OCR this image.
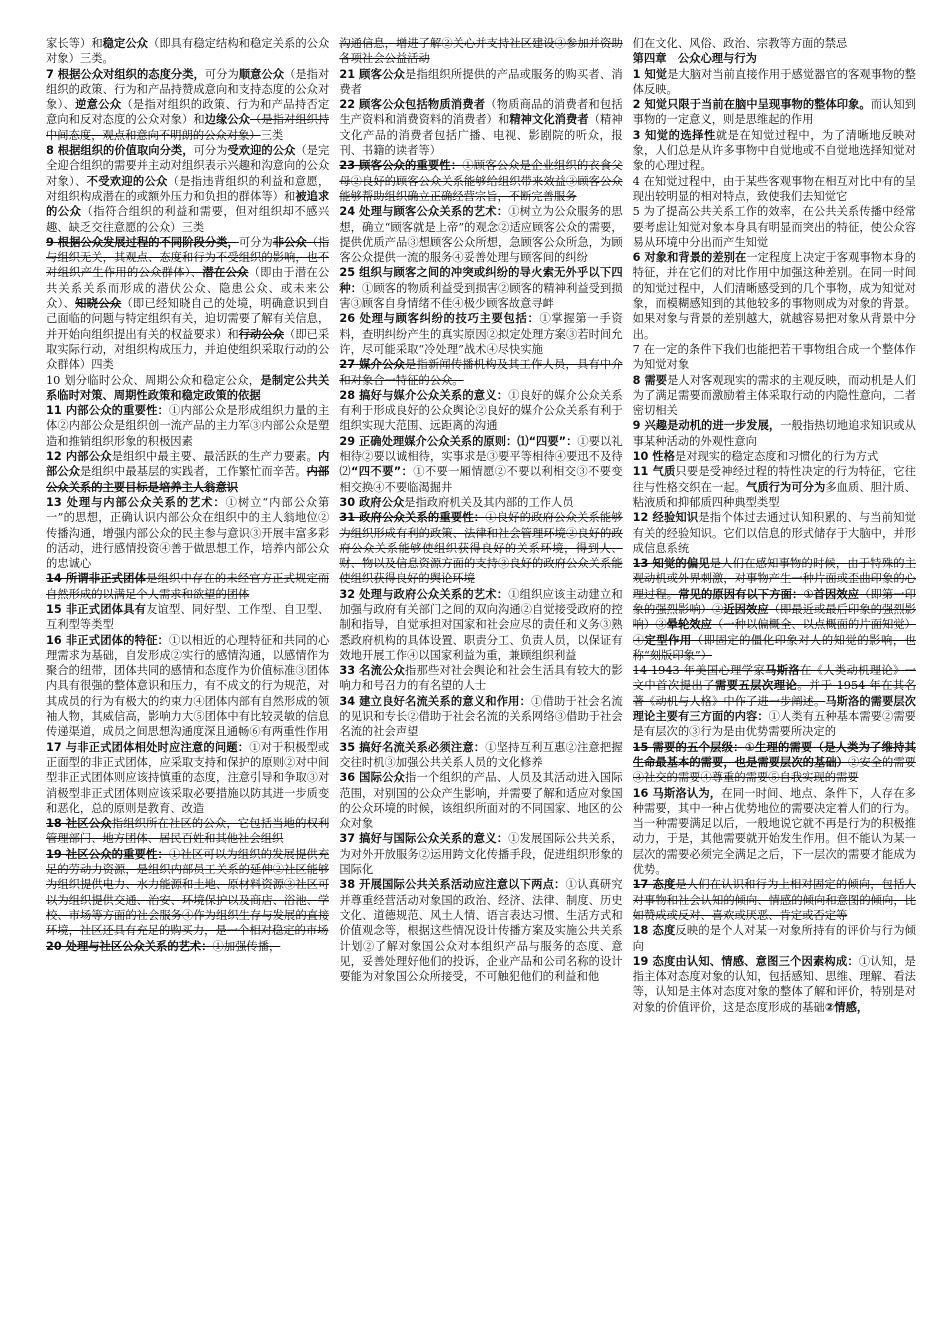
家长等）和稳定公众（即具有稳定结构和稳定关系的公众对象）三类。

7 根据公众对组织的态度分类，可分为顺意公众（是指对组织的政策、行为和产品持赞成意向和支持态度的公众对象）、逆意公众（是指对组织的政策、行为和产品持否定意向和反对态度的公众对象）和边缘公众（是指对组织持中间态度，观点和意向不明朗的公众对象）三类

8 根据组织的价值取向分类，可分为受欢迎的公众（是完全迎合组织的需要并主动对组织表示兴趣和沟意向的公众对象）、不受欢迎的公众（是指违背组织的利益和意愿，对组织构成潜在的或额外压力和负担的群体等）和被追求的公众（指符合组织的利益和需要，但对组织却不感兴趣、缺乏交往意愿的公众）三类

9 根据公众发展过程的不同阶段分类，可分为非公众（指与组织无关，其观点、态度和行为不受组织的影响，也不对组织产生作用的公众群体）、潜在公众（即由于潜在公共关系关系而形成的潜伏公众、隐患公众、或未来公众）、知晓公众（即已经知晓自己的处境，明确意识到自己面临的问题与特定组织有关，迫切需要了解有关信息，并开始向组织提出有关的权益要求）和行动公众（即已采取实际行动，对组织构成压力，并迫使组织采取行动的公众群体）四类

10 划分临时公众、周期公众和稳定公众，是制定公共关系临时对策、周期性政策和稳定政策的依据

11 内部公众的重要性：①内部公众是形成组织力量的主体②内部公众是组织创一流产品的主力军③内部公众是塑造和推销组织形象的积极因素

12 内部公众是组织中最主要、最活跃的生产力要素。内部公众是组织中最基层的实践者，工作繁忙而辛苦。内部公众关系的主要目标是培养主人翁意识

13 处理与内部公众关系的艺术：①树立“内部公众第一”的思想，正确认识内部公众在组织中的主人翁地位②传播沟通，增强内部公众的民主参与意识③开展丰富多彩的活动，进行感情投资④善于做思想工作，培养内部公众的忠诚心

14 所谓非正式团体是组织中存在的未经官方正式规定而自然形成的以满足个人需求和欲望的团体

15 非正式团体具有友谊型、同好型、工作型、自卫型、互利型等类型

16 非正式团体的特征：①以相近的心理特征和共同的心理需求为基础，自发形成②实行的感情沟通，以感情作为聚合的纽带，团体共同的感情和态度作为价值标准③团体内具有很强的整体意识和压力，有不成文的行为规范，对其成员的行为有极大的约束力④团体内部有自然形成的领袖人物，其威信高，影响力大⑤团体中有比较灵敏的信息传递渠道，成员之间思想沟通度深且通畅⑥有两重性作用

17 与非正式团体相处时应注意的问题：①对于积极型或正面型的非正式团体，应采取支持和保护的原则②对中间型非正式团体则应该持慎重的态度，注意引导和争取③对消极型非正式团体则应该采取必要措施以防其进一步质变和恶化，总的原则是教育、改造

18 社区公众指组织所在社区的公众，它包括当地的权利管理部门、地方团体、居民百姓和其他社会组织

19 社区公众的重要性：①社区可以为组织的发展提供充足的劳动力资源，是组织内部员工关系的延伸②社区能够为组织提供电力、水力能源和土地、原材料资源③社区可以为组织提供交通、治安、环境保护以及商店、浴池、学校、市场等方面的社会服务④作为组织生存与发展的直接环境，社区还具有充足的购买力，是一个相对稳定的市场

20 处理与社区公众关系的艺术：①加强传播，

沟通信息，增进了解②关心并支持社区建设③参加并资助各项社会公益活动

21 顾客公众是指组织所提供的产品或服务的购买者、消费者

22 顾客公众包括物质消费者（物质商品的消费者和包括生产资料和消费资料的消费者）和精神文化消费者（精神文化产品的消费者包括广播、电视、影剧院的听众，报刊、书籍的读者等）

23 顾客公众的重要性：①顾客公众是企业组织的衣食父母②良好的顾客公众关系能够给组织带来效益③顾客公众能够帮助组织确立正确经营宗旨，不断完善服务

24 处理与顾客公众关系的艺术：①树立为公众服务的思想，确立“顾客就是上帝”的观念②适应顾客公众的需要，提供优质产品③想顾客公众所想，急顾客公众所急，为顾客公众提供一流的服务④妥善处理与顾客间的纠纷

25 组织与顾客之间的冲突或纠纷的导火索无外乎以下四种：①顾客的物质利益受到损害②顾客的精神利益受到损害③顾客自身情绪不佳④极少顾客故意寻衅

26 处理与顾客纠纷的技巧主要包括：①掌握第一手资料，查明纠纷产生的真实原因②拟定处理方案③若时间允许，尽可能采取“冷处理”战术④尽快实施

27 媒介公众是指新闻传播机构及其工作人员，具有中介和对象合一特征的公众。

28 搞好与媒介公众关系的意义：①良好的媒介公众关系有利于形成良好的公众舆论②良好的媒介公众关系有利于组织实现大范围、远距离的沟通

29 正确处理媒介公众关系的原则：⑴“四要”：①要以礼相待②要以诚相待，实事求是③要平等相待④要迅不及待⑵“四不要”：①不要一厢情愿②不要以利相交③不要变相交换④不要临渴掘井

30 政府公众是指政府机关及其内部的工作人员

31 政府公众关系的重要性：①良好的政府公众关系能够为组织形成有利的政策、法律和社会管理环境②良好的政府公众关系能够使组织获得良好的关系环境，得到人、财、物以及信息资源方面的支持③良好的政府公众关系能使组织获得良好的舆论环境

32 处理与政府公众关系的艺术：①组织应该主动建立和加强与政府有关部门之间的双向沟通②自觉接受政府的控制和指导，自觉承担对国家和社会应尽的责任和义务③熟悉政府机构的具体设置、职责分工、负责人员，以保证有效地开展工作④以国家利益为重，兼顾组织利益

33 名流公众指那些对社会舆论和社会生活具有较大的影响力和号召力的有名望的人士

34 建立良好名流关系的意义和作用：①借助于社会名流的见识和专长②借助于社会名流的关系网络③借助于社会名流的社会声望

35 搞好名流关系必须注意：①坚持互利互惠②注意把握交往时机③加强公共关系人员的文化修养

36 国际公众指一个组织的产品、人员及其活动进入国际范围，对别国的公众产生影响，并需要了解和适应对象国的公众环境的时候，该组织所面对的不同国家、地区的公众对象

37 搞好与国际公众关系的意义：①发展国际公共关系，为对外开放服务②运用跨文化传播手段，促进组织形象的国际化

38 开展国际公共关系活动应注意以下两点：①认真研究并尊重经营活动对象国的政治、经济、法律、制度、历史文化、道德规范、风土人情、语言表达习惯、生活方式和价值观念等，根据这些情况设计传播方案及实施公共关系计划②了解对象国公众对本组织产品与服务的态度、意见，妥善处理好他们的投诉，企业产品和公司名称的设计要能为对象国公众所接受，不可触犯他们的利益和他

们在文化、风俗、政治、宗教等方面的禁忌

第四章　公众心理与行为

1 知觉是大脑对当前直接作用于感觉器官的客观事物的整体反映。

2 知觉只限于当前在脑中呈现事物的整体印象。而认知到事物的一定意义，则是思维起的作用

3 知觉的选择性就是在知觉过程中，为了清晰地反映对象，人们总是从许多事物中自觉地或不自觉地选择知觉对象的心理过程。

4 在知觉过程中，由于某些客观事物在相互对比中有的呈现出较明显的相对特点，致使我们去知觉它

5 为了提高公共关系工作的效率，在公共关系传播中经常要考虑让知觉对象本身具有明显而突出的特征，使公众容易从环境中分出而产生知觉

6 对象和背景的差别在一定程度上决定于客观事物本身的特征，并在它们的对比作用中加强这种差别。在同一时间的知觉过程中，人们清晰感受到的几个事物，成为知觉对象，而模糊感知到的其他较多的事物则成为对象的背景。如果对象与背景的差别越大，就越容易把对象从背景中分出。

7 在一定的条件下我们也能把若干事物组合成一个整体作为知觉对象

8 需要是人对客观现实的需求的主观反映，而动机是人们为了满足需要而激励着主体采取行动的内隐性意向，二者密切相关

9 兴趣是动机的进一步发展，一般指热切地追求知识或从事某种活动的外观性意向

10 性格是对现实的稳定态度和习惯化的行为方式

11 气质只要是受神经过程的特性决定的行为特征，它往往与性格交织在一起。气质行为可分为多血质、胆汁质、粘液质和抑郁质四种典型类型

12 经验知识是指个体过去通过认知积累的、与当前知觉有关的经验知识。它们以信息的形式储存于大脑中，并形成信息系统

13 知觉的偏见是人们在感知事物的时候，由于特殊的主观动机或外界刺激，对事物产生一种片面或歪曲印象的心理过程。常见的原因有以下方面：①首因效应（即第一印象的强烈影响）②近因效应（即最近或最后印象的强烈影响）③晕轮效应（一种以偏概全、以点概面的片面知觉）④定型作用（即固定的僵化印象对人的知觉的影响，也称“刻版印象”）

14 1943 年美国心理学家马斯洛在《人类动机理论》一文中首次提出了需要五层次理论。并于 1954 年在其名著《动机与人格》中作了进一步阐述。马斯洛的需要层次理论主要有三方面的内容：①人类有五种基本需要②需要是有层次的③行为是由优势需要所决定的

15 需要的五个层级：①生理的需要（是人类为了维持其生命最基本的需要，也是需要层次的基础）②安全的需要③社交的需要④尊重的需要⑤自我实现的需要

16 马斯洛认为，在同一时间、地点、条件下，人存在多种需要，其中一种占优势地位的需要决定着人们的行为。当一种需要满足以后，一般地说它就不再是行为的积极推动力，于是，其他需要就开始发生作用。但不能认为某一层次的需要必须完全满足之后，下一层次的需要才能成为优势。

17 态度是人们在认识和行为上相对固定的倾向，包括人对事物和社会认知的倾向、情感的倾向和意图的倾向，比如赞成或反对、喜欢或厌恶、肯定或否定等

18 态度反映的是个人对某一对象所持有的评价与行为倾向

19 态度由认知、情感、意图三个因素构成：①认知，是指主体对态度对象的认知，包括感知、思维、理解、看法等，认知是主体对态度对象的整体了解和评价，特别是对对象的价值评价，这是态度形成的基础②情感，
